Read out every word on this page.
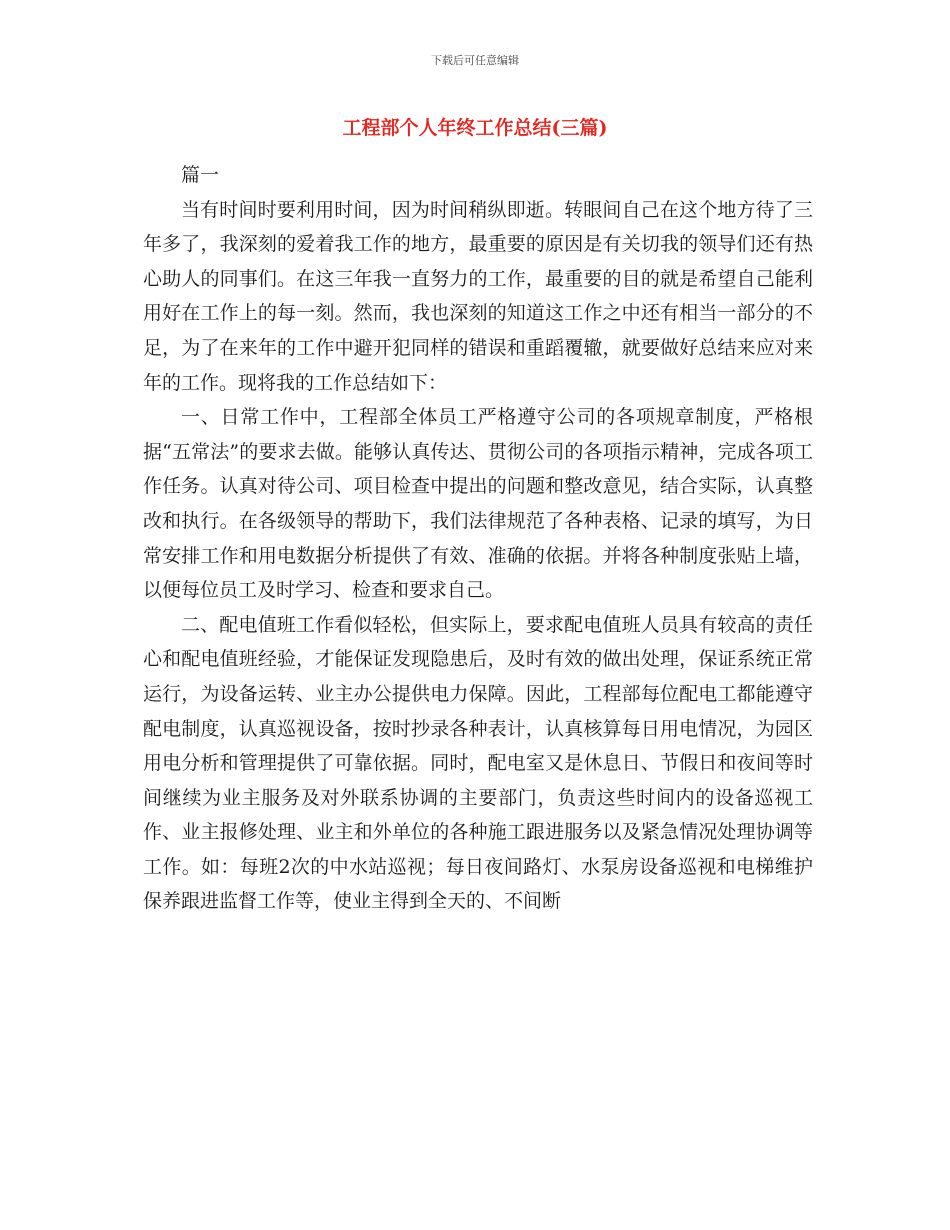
下载后可任意编辑
工程部个人年终工作总结(三篇)

篇一

当有时间时要利用时间，因为时间稍纵即逝。转眼间自己在这个地方待了三年多了，我深刻的爱着我工作的地方，最重要的原因是有关切我的领导们还有热心助人的同事们。在这三年我一直努力的工作，最重要的目的就是希望自己能利用好在工作上的每一刻。然而，我也深刻的知道这工作之中还有相当一部分的不足，为了在来年的工作中避开犯同样的错误和重蹈覆辙，就要做好总结来应对来年的工作。现将我的工作总结如下：

一、日常工作中，工程部全体员工严格遵守公司的各项规章制度，严格根据“五常法”的要求去做。能够认真传达、贯彻公司的各项指示精神，完成各项工作任务。认真对待公司、项目检查中提出的问题和整改意见，结合实际，认真整改和执行。在各级领导的帮助下，我们法律规范了各种表格、记录的填写，为日常安排工作和用电数据分析提供了有效、准确的依据。并将各种制度张贴上墙，以便每位员工及时学习、检查和要求自己。

二、配电值班工作看似轻松，但实际上，要求配电值班人员具有较高的责任心和配电值班经验，才能保证发现隐患后，及时有效的做出处理，保证系统正常运行，为设备运转、业主办公提供电力保障。因此，工程部每位配电工都能遵守配电制度，认真巡视设备，按时抄录各种表计，认真核算每日用电情况，为园区用电分析和管理提供了可靠依据。同时，配电室又是休息日、节假日和夜间等时间继续为业主服务及对外联系协调的主要部门，负责这些时间内的设备巡视工作、业主报修处理、业主和外单位的各种施工跟进服务以及紧急情况处理协调等工作。如：每班2次的中水站巡视；每日夜间路灯、水泵房设备巡视和电梯维护保养跟进监督工作等，使业主得到全天的、不间断
